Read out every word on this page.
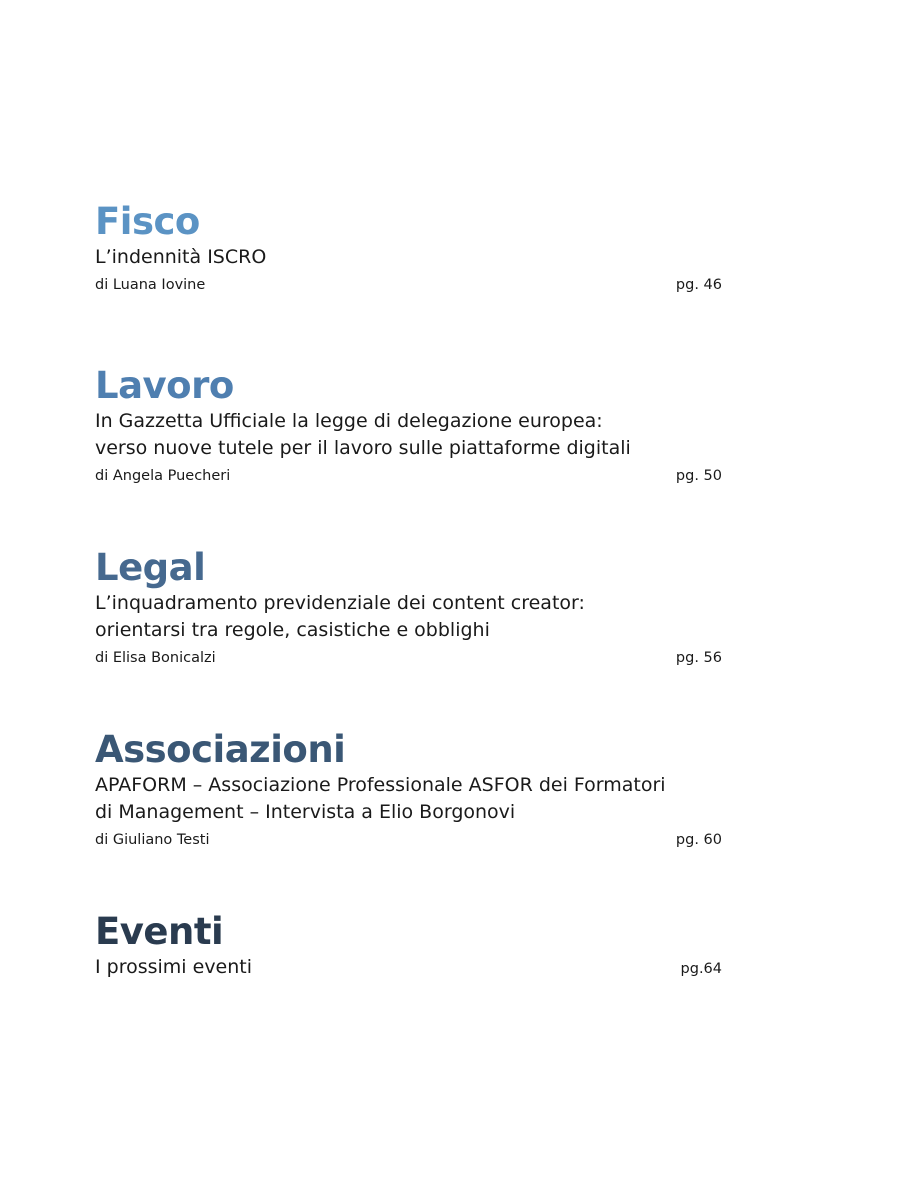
Fisco

L’indennità ISCRO

di Luana Iovine	pg. 46
Lavoro

In Gazzetta Ufficiale la legge di delegazione europea:
verso nuove tutele per il lavoro sulle piattaforme digitali

di Angela Puecheri	pg. 50
Legal

L’inquadramento previdenziale dei content creator:
orientarsi tra regole, casistiche e obblighi

di Elisa Bonicalzi	pg. 56
Associazioni

APAFORM – Associazione Professionale ASFOR dei Formatori
di Management – Intervista a Elio Borgonovi

di Giuliano Testi	pg. 60
Eventi

I prossimi eventi	pg.64
